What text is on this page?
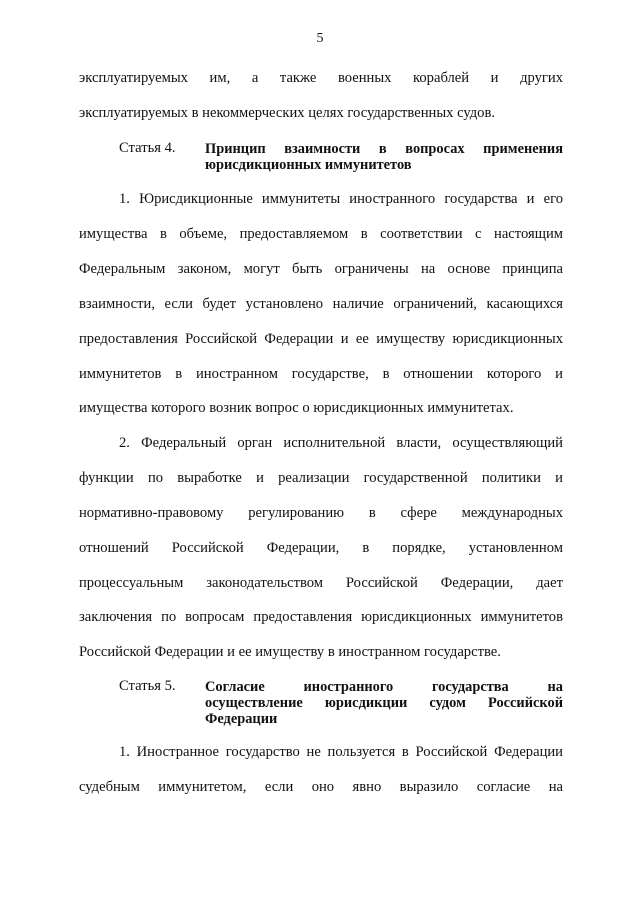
5
эксплуатируемых им, а также военных кораблей и других
эксплуатируемых в некоммерческих целях государственных судов.
Статья 4. Принцип взаимности в вопросах применения
юрисдикционных иммунитетов
1. Юрисдикционные иммунитеты иностранного государства и его
имущества в объеме, предоставляемом в соответствии с настоящим
Федеральным законом, могут быть ограничены на основе принципа
взаимности, если будет установлено наличие ограничений, касающихся
предоставления Российской Федерации и ее имуществу юрисдикционных
иммунитетов в иностранном государстве, в отношении которого и
имущества которого возник вопрос о юрисдикционных иммунитетах.
2. Федеральный орган исполнительной власти, осуществляющий
функции по выработке и реализации государственной политики и
нормативно-правовому регулированию в сфере международных
отношений Российской Федерации, в порядке, установленном
процессуальным законодательством Российской Федерации, дает
заключения по вопросам предоставления юрисдикционных иммунитетов
Российской Федерации и ее имуществу в иностранном государстве.
Статья 5. Согласие иностранного государства на
осуществление юрисдикции судом Российской
Федерации
1. Иностранное государство не пользуется в Российской Федерации
судебным иммунитетом, если оно явно выразило согласие на
